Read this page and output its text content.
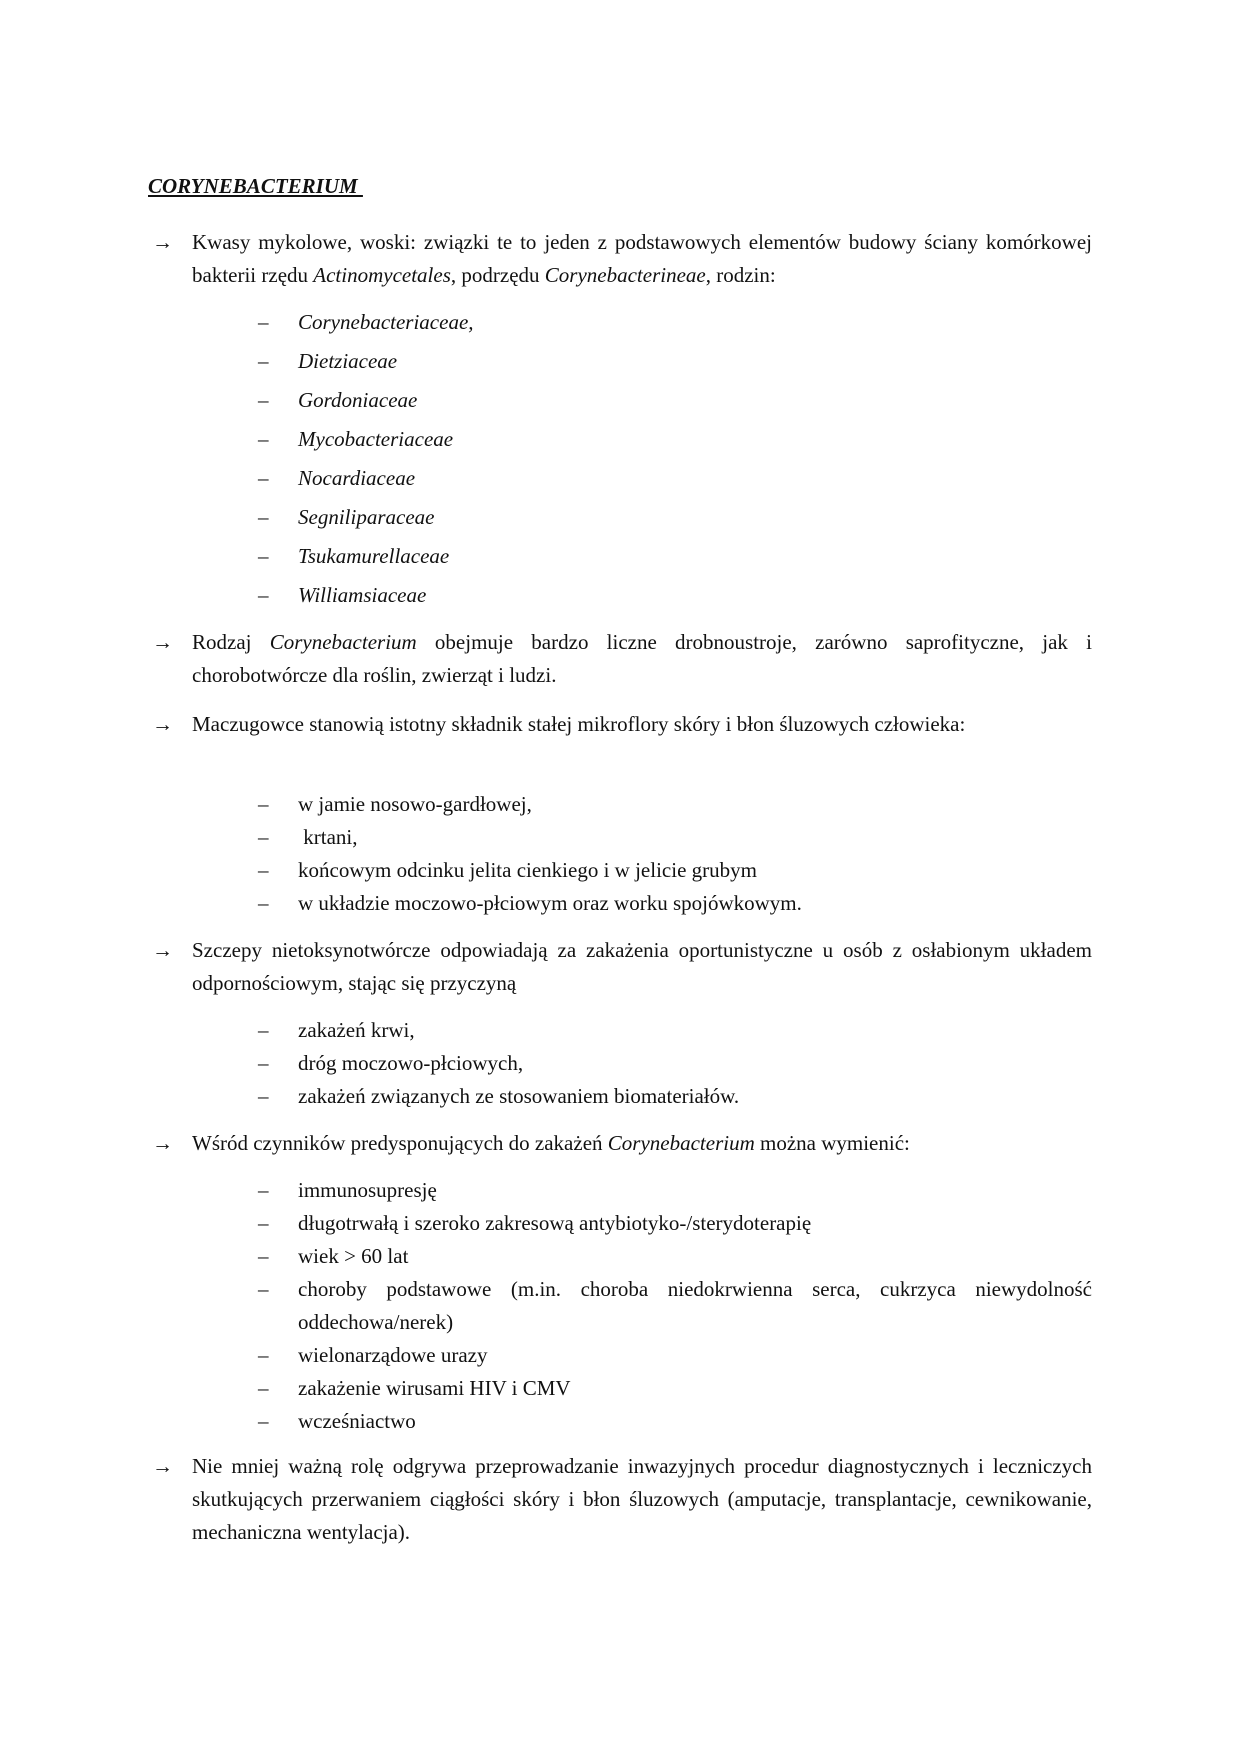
CORYNEBACTERIUM
→ Kwasy mykolowe, woski: związki te to jeden z podstawowych elementów budowy ściany komórkowej bakterii rzędu Actinomycetales, podrzędu Corynebacterineae, rodzin:
– Corynebacteriaceae,
– Dietziaceae
– Gordoniaceae
– Mycobacteriaceae
– Nocardiaceae
– Segniliparaceae
– Tsukamurellaceae
– Williamsiaceae
→ Rodzaj Corynebacterium obejmuje bardzo liczne drobnoustroje, zarówno saprofityczne, jak i chorobotwórcze dla roślin, zwierząt i ludzi.
→ Maczugowce stanowią istotny składnik stałej mikroflory skóry i błon śluzowych człowieka:
– w jamie nosowo-gardłowej,
– krtani,
– końcowym odcinku jelita cienkiego i w jelicie grubym
– w układzie moczowo-płciowym oraz worku spojówkowym.
→ Szczepy nietoksynotwórcze odpowiadają za zakażenia oportunistyczne u osób z osłabionym układem odpornościowym, stając się przyczyną
– zakażeń krwi,
– dróg moczowo-płciowych,
– zakażeń związanych ze stosowaniem biomateriałów.
→ Wśród czynników predysponujących do zakażeń Corynebacterium można wymienić:
– immunosupresję
– długotrwałą i szeroko zakresową antybiotyko-/sterydoterapię
– wiek > 60 lat
– choroby podstawowe (m.in. choroba niedokrwienna serca, cukrzyca niewydolność oddechowa/nerek)
– wielonarządowe urazy
– zakażenie wirusami HIV i CMV
– wcześniactwo
→ Nie mniej ważną rolę odgrywa przeprowadzanie inwazyjnych procedur diagnostycznych i leczniczych skutkujących przerwaniem ciągłości skóry i błon śluzowych (amputacje, transplantacje, cewnikowanie, mechaniczna wentylacja).
